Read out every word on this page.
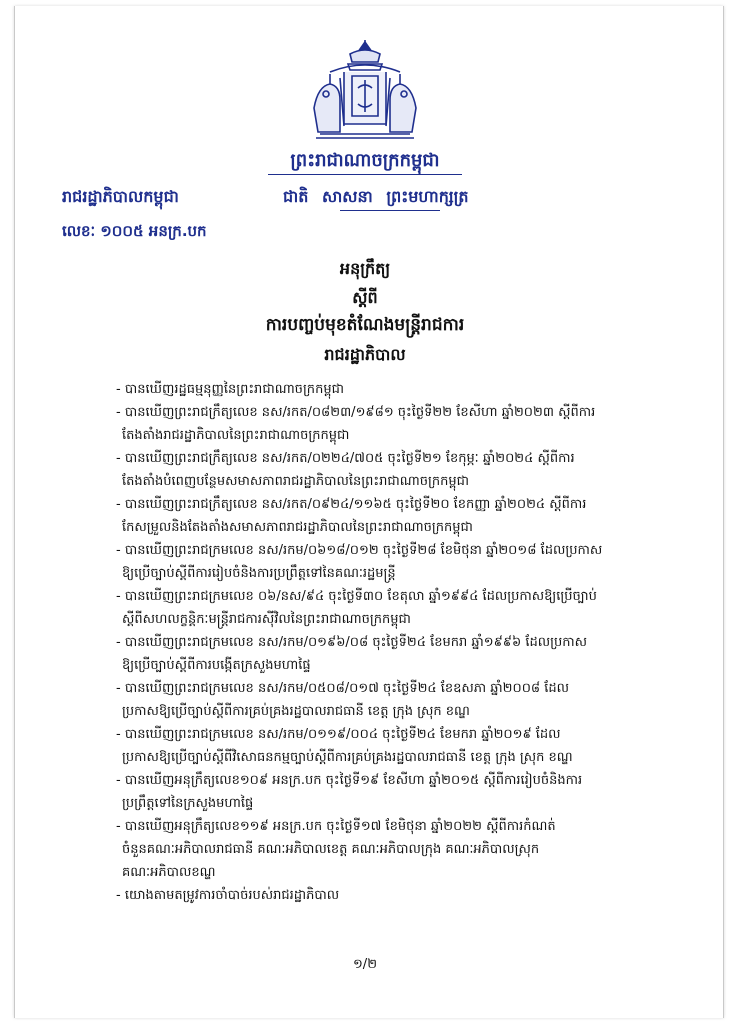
ព្រះរាជាណាចក្រកម្ពុជា
រាជរដ្ឋាភិបាលកម្ពុជា	ជាតិ សាសនា ព្រះមហាក្សត្រ
លេខៈ ១០០៥ អនក្រ.បក
អនុក្រឹត្យ
ស្តីពី
ការបញ្ចប់មុខតំណែងមន្ត្រីរាជការ
រាជរដ្ឋាភិបាល
- បានឃើញរដ្ឋធម្មនុញ្ញនៃព្រះរាជាណាចក្រកម្ពុជា
- បានឃើញព្រះរាជក្រឹត្យលេខ នស/រកត/០៨២៣/១៩៨១ ចុះថ្ងៃទី២២ ខែសីហា ឆ្នាំ២០២៣ ស្តីពីការ
តែងតាំងរាជរដ្ឋាភិបាលនៃព្រះរាជាណាចក្រកម្ពុជា
- បានឃើញព្រះរាជក្រឹត្យលេខ នស/រកត/០២២៤/៧០៥ ចុះថ្ងៃទី២១ ខែកុម្ភៈ ឆ្នាំ២០២៤ ស្តីពីការ
តែងតាំងបំពេញបន្ថែមសមាសភាពរាជរដ្ឋាភិបាលនៃព្រះរាជាណាចក្រកម្ពុជា
- បានឃើញព្រះរាជក្រឹត្យលេខ នស/រកត/០៩២៤/១១៦៥ ចុះថ្ងៃទី២០ ខែកញ្ញា ឆ្នាំ២០២៤ ស្តីពីការ
កែសម្រួលនិងតែងតាំងសមាសភាពរាជរដ្ឋាភិបាលនៃព្រះរាជាណាចក្រកម្ពុជា
- បានឃើញព្រះរាជក្រមលេខ នស/រកម/០៦១៨/០១២ ចុះថ្ងៃទី២៨ ខែមិថុនា ឆ្នាំ២០១៨ ដែលប្រកាស
ឱ្យប្រើច្បាប់ស្តីពីការរៀបចំនិងការប្រព្រឹត្តទៅនៃគណៈរដ្ឋមន្ត្រី
- បានឃើញព្រះរាជក្រមលេខ ០៦/នស/៩៤ ចុះថ្ងៃទី៣០ ខែតុលា ឆ្នាំ១៩៩៤ ដែលប្រកាសឱ្យប្រើច្បាប់
ស្តីពីសហលក្ខន្តិកៈមន្ត្រីរាជការស៊ីវិលនៃព្រះរាជាណាចក្រកម្ពុជា
- បានឃើញព្រះរាជក្រមលេខ នស/រកម/០១៩៦/០៨ ចុះថ្ងៃទី២៤ ខែមករា ឆ្នាំ១៩៩៦ ដែលប្រកាស
ឱ្យប្រើច្បាប់ស្តីពីការបង្កើតក្រសួងមហាផ្ទៃ
- បានឃើញព្រះរាជក្រមលេខ នស/រកម/០៥០៨/០១៧ ចុះថ្ងៃទី២៤ ខែឧសភា ឆ្នាំ២០០៨ ដែល
ប្រកាសឱ្យប្រើច្បាប់ស្តីពីការគ្រប់គ្រងរដ្ឋបាលរាជធានី ខេត្ត ក្រុង ស្រុក ខណ្ឌ
- បានឃើញព្រះរាជក្រមលេខ នស/រកម/០១១៩/០០៤ ចុះថ្ងៃទី២៤ ខែមករា ឆ្នាំ២០១៩ ដែល
ប្រកាសឱ្យប្រើច្បាប់ស្តីពីវិសោធនកម្មច្បាប់ស្តីពីការគ្រប់គ្រងរដ្ឋបាលរាជធានី ខេត្ត ក្រុង ស្រុក ខណ្ឌ
- បានឃើញអនុក្រឹត្យលេខ១០៩ អនក្រ.បក ចុះថ្ងៃទី១៩ ខែសីហា ឆ្នាំ២០១៥ ស្តីពីការរៀបចំនិងការ
ប្រព្រឹត្តទៅនៃក្រសួងមហាផ្ទៃ
- បានឃើញអនុក្រឹត្យលេខ១១៩ អនក្រ.បក ចុះថ្ងៃទី១៧ ខែមិថុនា ឆ្នាំ២០២២ ស្តីពីការកំណត់
ចំនួនគណៈអភិបាលរាជធានី គណៈអភិបាលខេត្ត គណៈអភិបាលក្រុង គណៈអភិបាលស្រុក
គណៈអភិបាលខណ្ឌ
- យោងតាមតម្រូវការចាំបាច់របស់រាជរដ្ឋាភិបាល
១/២
